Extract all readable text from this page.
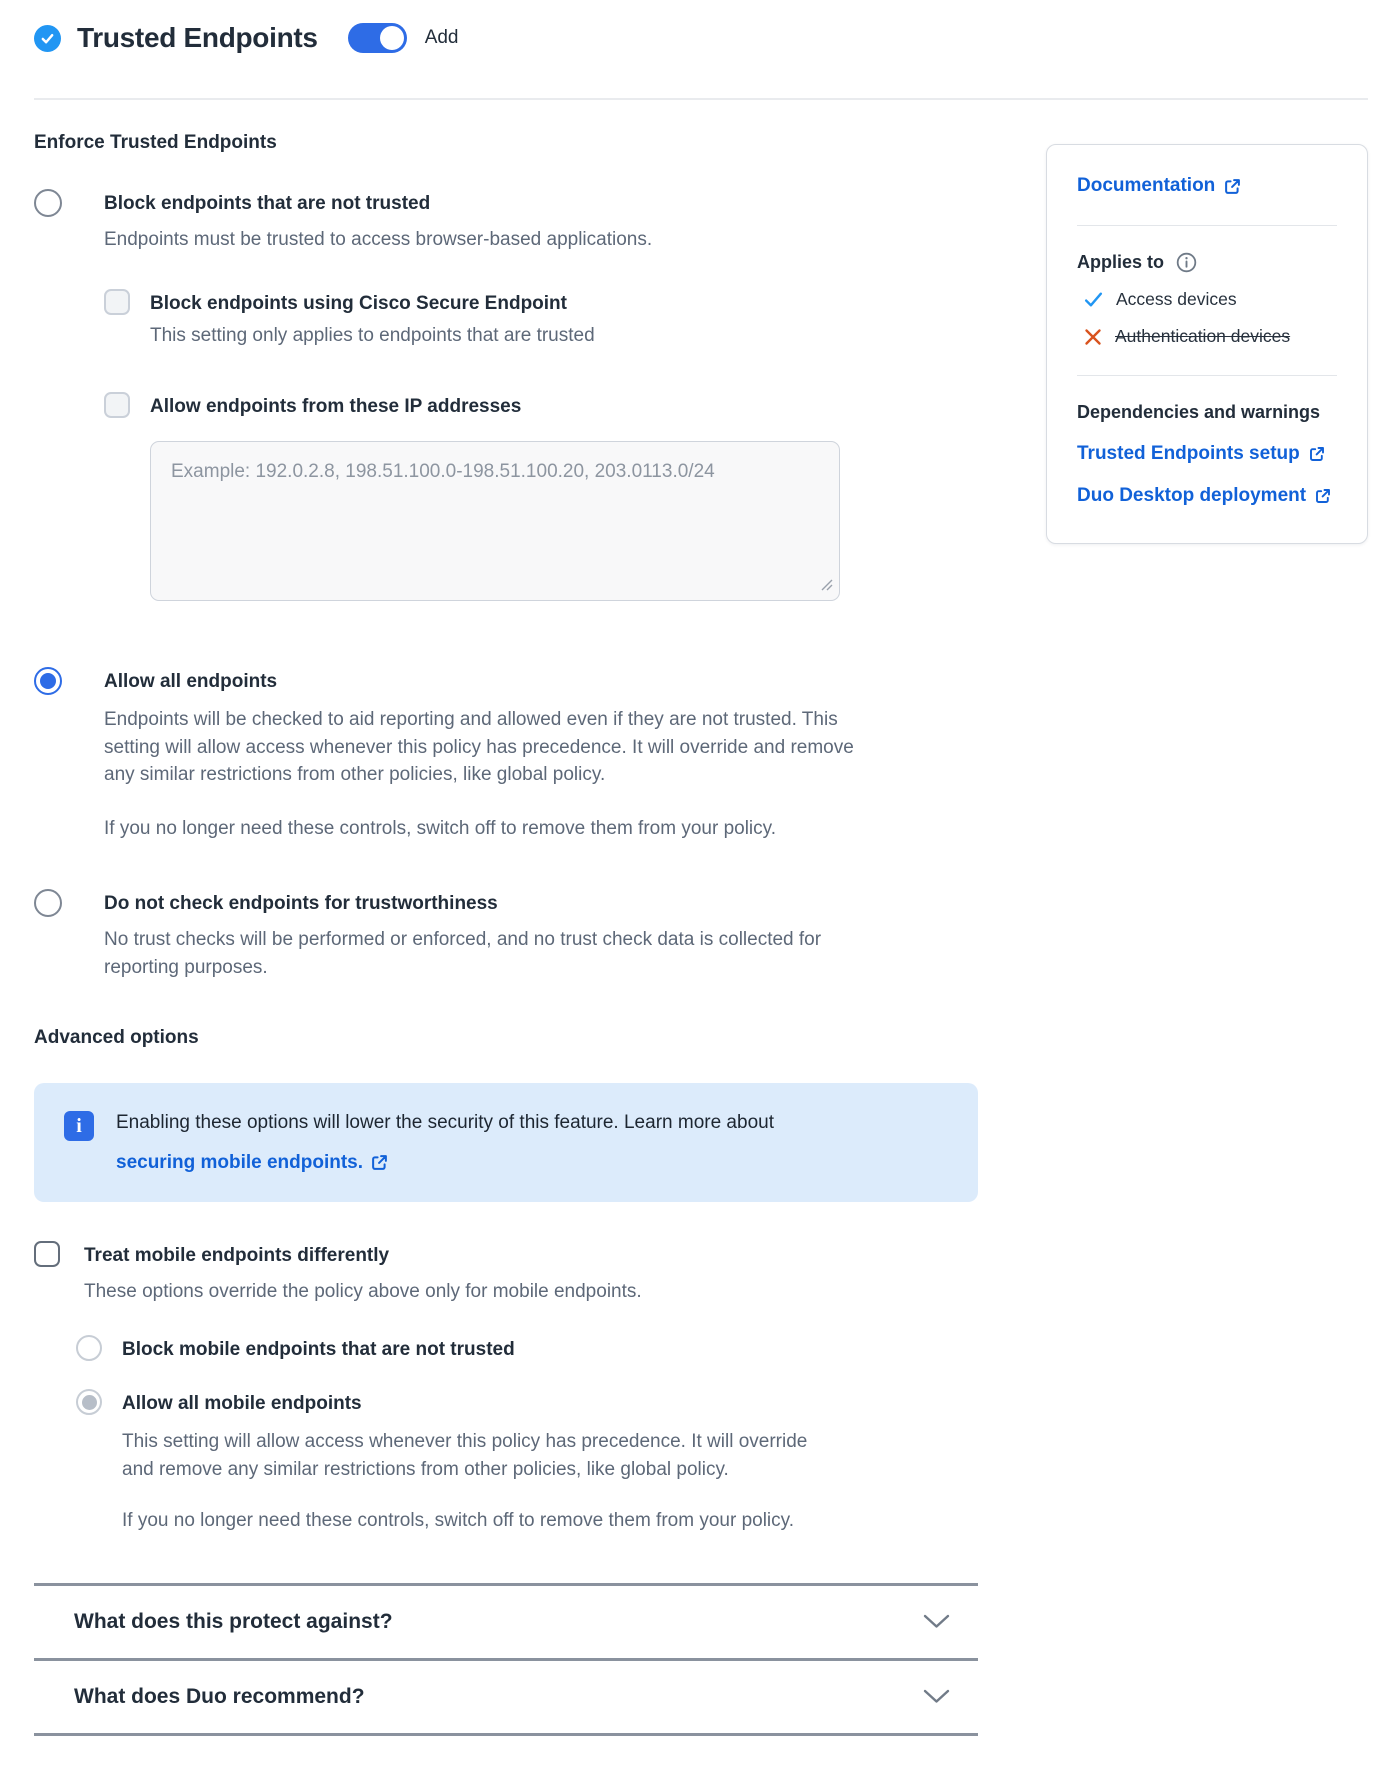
Trusted Endpoints	Add
Enforce Trusted Endpoints
Block endpoints that are not trusted
Endpoints must be trusted to access browser-based applications.
Block endpoints using Cisco Secure Endpoint
This setting only applies to endpoints that are trusted
Allow endpoints from these IP addresses
Example: 192.0.2.8, 198.51.100.0-198.51.100.20, 203.0113.0/24
Allow all endpoints
Endpoints will be checked to aid reporting and allowed even if they are not trusted. This setting will allow access whenever this policy has precedence. It will override and remove any similar restrictions from other policies, like global policy.
If you no longer need these controls, switch off to remove them from your policy.
Do not check endpoints for trustworthiness
No trust checks will be performed or enforced, and no trust check data is collected for reporting purposes.
Advanced options
i	Enabling these options will lower the security of this feature. Learn more about

securing mobile endpoints.
Treat mobile endpoints differently
These options override the policy above only for mobile endpoints.
Block mobile endpoints that are not trusted
Allow all mobile endpoints
This setting will allow access whenever this policy has precedence. It will override and remove any similar restrictions from other policies, like global policy.
If you no longer need these controls, switch off to remove them from your policy.
What does this protect against?
What does Duo recommend?
Documentation
Applies to
Access devices
Authentication devices
Dependencies and warnings
Trusted Endpoints setup
Duo Desktop deployment
